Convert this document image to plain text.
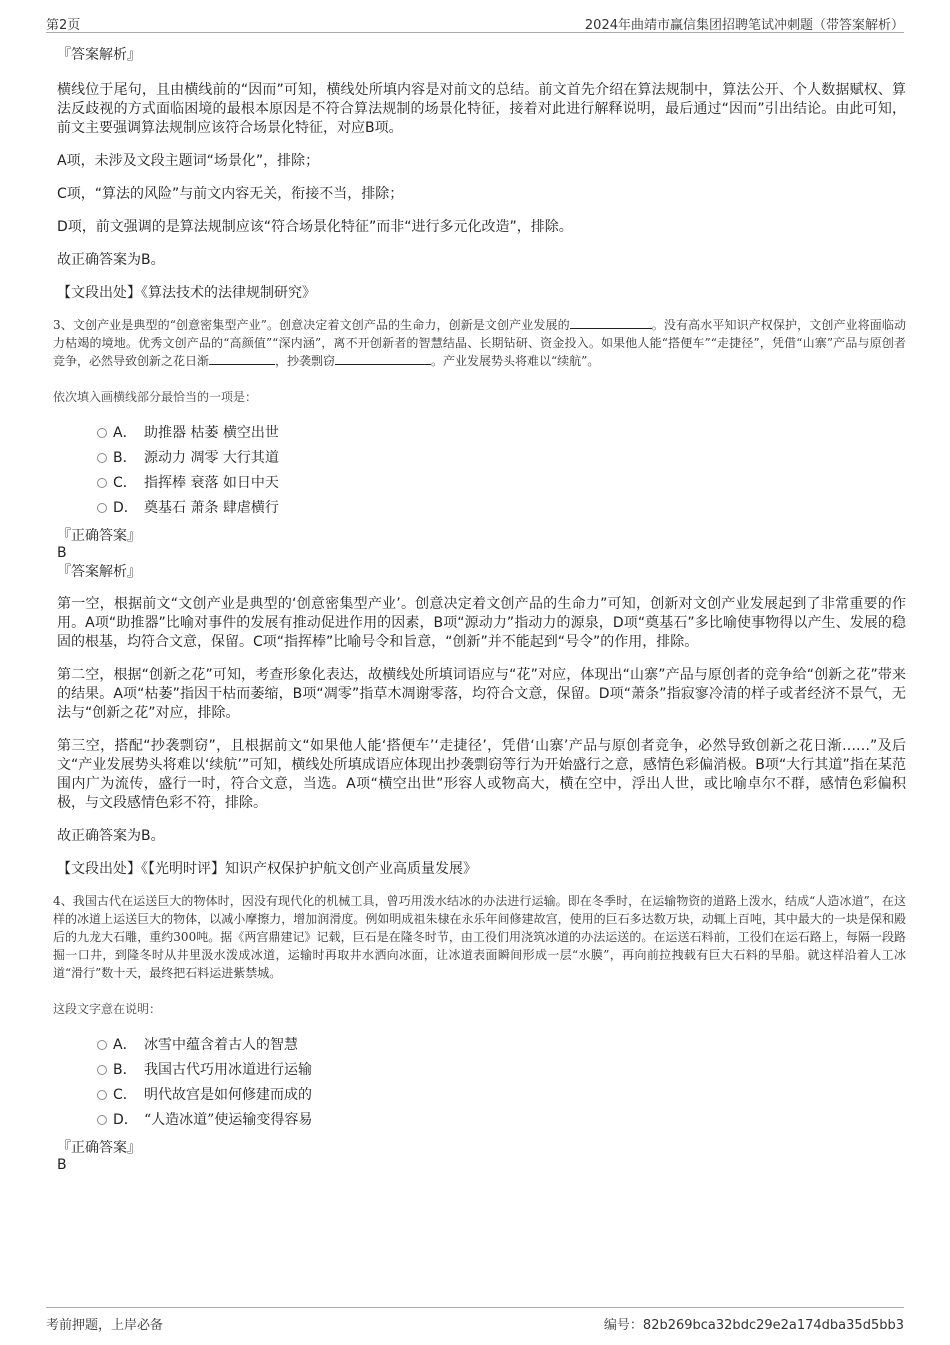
第2页	2024年曲靖市赢信集团招聘笔试冲刺题（带答案解析）

『答案解析』

横线位于尾句，且由横线前的“因而”可知，横线处所填内容是对前文的总结。前文首先介绍在算法规制中，算法公开、个人数据赋权、算法反歧视的方式面临困境的最根本原因是不符合算法规制的场景化特征，接着对此进行解释说明，最后通过“因而”引出结论。由此可知，前文主要强调算法规制应该符合场景化特征，对应B项。

A项，未涉及文段主题词“场景化”，排除；

C项，“算法的风险”与前文内容无关，衔接不当，排除；

D项，前文强调的是算法规制应该“符合场景化特征”而非“进行多元化改造”，排除。

故正确答案为B。

【文段出处】《算法技术的法律规制研究》

3、文创产业是典型的“创意密集型产业”。创意决定着文创产品的生命力，创新是文创产业发展的	。没有高水平知识产权保护，文创产业将面临动力枯竭的境地。优秀文创产品的“高颜值”“深内涵”，离不开创新者的智慧结晶、长期钻研、资金投入。如果他人能“搭便车”“走捷径”，凭借“山寨”产品与原创者竞争，必然导致创新之花日渐	，抄袭剽窃	。产业发展势头将难以“续航”。

依次填入画横线部分最恰当的一项是：

A． 助推器 枯萎 横空出世
B． 源动力 凋零 大行其道
C． 指挥棒 衰落 如日中天
D． 奠基石 萧条 肆虐横行

『正确答案』

B

『答案解析』

第一空，根据前文“文创产业是典型的‘创意密集型产业’。创意决定着文创产品的生命力”可知，创新对文创产业发展起到了非常重要的作用。A项“助推器”比喻对事件的发展有推动促进作用的因素，B项“源动力”指动力的源泉，D项“奠基石”多比喻使事物得以产生、发展的稳固的根基，均符合文意，保留。C项“指挥棒”比喻号令和旨意，“创新”并不能起到“号令”的作用，排除。

第二空，根据“创新之花”可知，考查形象化表达，故横线处所填词语应与“花”对应，体现出“山寨”产品与原创者的竞争给“创新之花”带来的结果。A项“枯萎”指因干枯而萎缩，B项“凋零”指草木凋谢零落，均符合文意，保留。D项“萧条”指寂寥冷清的样子或者经济不景气，无法与“创新之花”对应，排除。

第三空，搭配“抄袭剽窃”，且根据前文“如果他人能‘搭便车’‘走捷径’，凭借‘山寨’产品与原创者竞争，必然导致创新之花日渐……”及后文“产业发展势头将难以‘续航’”可知，横线处所填成语应体现出抄袭剽窃等行为开始盛行之意，感情色彩偏消极。B项“大行其道”指在某范围内广为流传，盛行一时，符合文意，当选。A项“横空出世”形容人或物高大，横在空中，浮出人世，或比喻卓尔不群，感情色彩偏积极，与文段感情色彩不符，排除。

故正确答案为B。

【文段出处】《【光明时评】知识产权保护护航文创产业高质量发展》

4、我国古代在运送巨大的物体时，因没有现代化的机械工具，曾巧用泼水结冰的办法进行运输。即在冬季时，在运输物资的道路上泼水，结成“人造冰道”，在这样的冰道上运送巨大的物体，以减小摩擦力，增加润滑度。例如明成祖朱棣在永乐年间修建故宫，使用的巨石多达数万块，动辄上百吨，其中最大的一块是保和殿后的九龙大石雕，重约300吨。据《两宫鼎建记》记载，巨石是在隆冬时节，由工役们用浇筑冰道的办法运送的。在运送石料前，工役们在运石路上，每隔一段路掘一口井，到隆冬时从井里汲水泼成冰道，运输时再取井水洒向冰面，让冰道表面瞬间形成一层“水膜”，再向前拉拽载有巨大石料的旱船。就这样沿着人工冰道“滑行”数十天，最终把石料运进紫禁城。

这段文字意在说明：

A． 冰雪中蕴含着古人的智慧
B． 我国古代巧用冰道进行运输
C． 明代故宫是如何修建而成的
D． “人造冰道”使运输变得容易

『正确答案』

B

考前押题，上岸必备	编号：82b269bca32bdc29e2a174dba35d5bb3
